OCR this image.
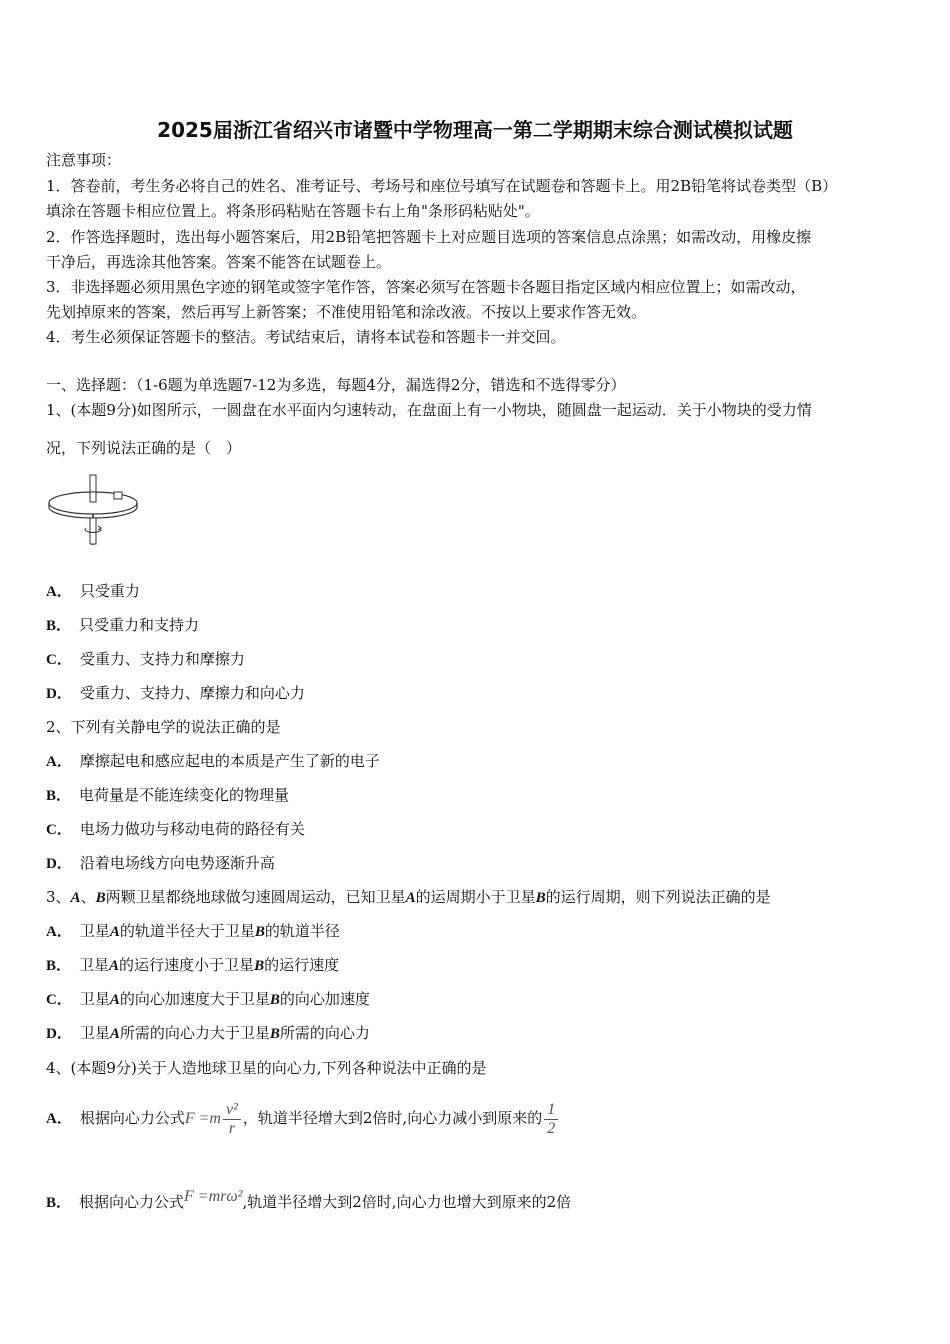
2025届浙江省绍兴市诸暨中学物理高一第二学期期末综合测试模拟试题
注意事项：
1．答卷前，考生务必将自己的姓名、准考证号、考场号和座位号填写在试题卷和答题卡上。用2B铅笔将试卷类型（B）
填涂在答题卡相应位置上。将条形码粘贴在答题卡右上角"条形码粘贴处"。
2．作答选择题时，选出每小题答案后，用2B铅笔把答题卡上对应题目选项的答案信息点涂黑；如需改动，用橡皮擦
干净后，再选涂其他答案。答案不能答在试题卷上。
3．非选择题必须用黑色字迹的钢笔或签字笔作答，答案必须写在答题卡各题目指定区域内相应位置上；如需改动，
先划掉原来的答案，然后再写上新答案；不准使用铅笔和涂改液。不按以上要求作答无效。
4．考生必须保证答题卡的整洁。考试结束后，请将本试卷和答题卡一并交回。
一、选择题：（1-6题为单选题7-12为多选，每题4分，漏选得2分，错选和不选得零分）
1、(本题9分)如图所示，一圆盘在水平面内匀速转动，在盘面上有一小物块，随圆盘一起运动．关于小物块的受力情
况，下列说法正确的是（　）
A． 只受重力
B． 只受重力和支持力
C． 受重力、支持力和摩擦力
D． 受重力、支持力、摩擦力和向心力
2、下列有关静电学的说法正确的是
A． 摩擦起电和感应起电的本质是产生了新的电子
B． 电荷量是不能连续变化的物理量
C． 电场力做功与移动电荷的路径有关
D． 沿着电场线方向电势逐渐升高
3、A、B两颗卫星都绕地球做匀速圆周运动，已知卫星A的运周期小于卫星B的运行周期，则下列说法正确的是
A． 卫星A的轨道半径大于卫星B的轨道半径
B． 卫星A的运行速度小于卫星B的运行速度
C． 卫星A的向心加速度大于卫星B的向心加速度
D． 卫星A所需的向心力大于卫星B所需的向心力
4、(本题9分)关于人造地球卫星的向心力,下列各种说法中正确的是
A． 根据向心力公式$F =m \frac{\text{v²}}{r}$ ，轨道半径增大到2倍时,向心力减小到原来的 $\frac{1}{2}$
B． 根据向心力公式F =mrω²,轨道半径增大到2倍时,向心力也增大到原来的2倍
